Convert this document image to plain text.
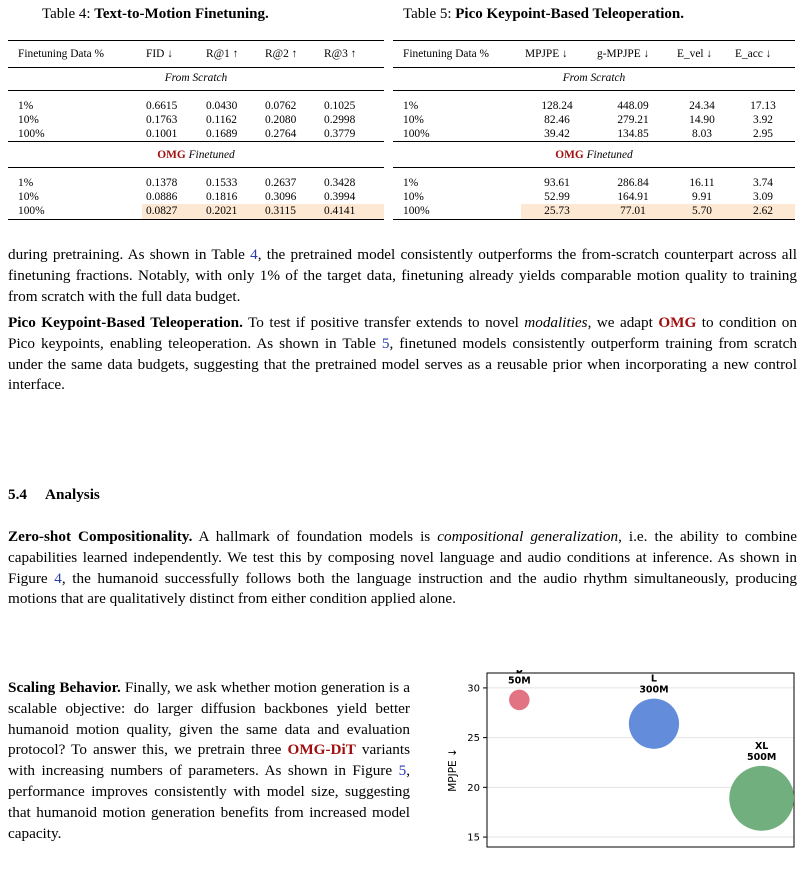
Table 4: Text-to-Motion Finetuning.
Finetuning Data %	FID ↓	R@1 ↑	R@2 ↑	R@3 ↑
From Scratch				
1%	0.6615	0.0430	0.0762	0.1025
10%	0.1763	0.1162	0.2080	0.2998
100%	0.1001	0.1689	0.2764	0.3779
OMG Finetuned				
1%	0.1378	0.1533	0.2637	0.3428
10%	0.0886	0.1816	0.3096	0.3994
100%	0.0827	0.2021	0.3115	0.4141
Table 5: Pico Keypoint-Based Teleoperation.
Finetuning Data %	MPJPE ↓	g-MPJPE ↓	E_vel ↓	E_acc ↓
From Scratch				
1%	128.24	448.09	24.34	17.13
10%	82.46	279.21	14.90	3.92
100%	39.42	134.85	8.03	2.95
OMG Finetuned				
1%	93.61	286.84	16.11	3.74
10%	52.99	164.91	9.91	3.09
100%	25.73	77.01	5.70	2.62
during pretraining. As shown in Table 4, the pretrained model consistently outperforms the from-scratch counterpart across all finetuning fractions. Notably, with only 1% of the target data, finetuning already yields comparable motion quality to training from scratch with the full data budget.
Pico Keypoint-Based Teleoperation. To test if positive transfer extends to novel modalities, we adapt OMG to condition on Pico keypoints, enabling teleoperation. As shown in Table 5, finetuned models consistently outperform training from scratch under the same data budgets, suggesting that the pretrained model serves as a reusable prior when incorporating a new control interface.
5.4 Analysis
Zero-shot Compositionality. A hallmark of foundation models is compositional generalization, i.e. the ability to combine capabilities learned independently. We test this by composing novel language and audio conditions at inference. As shown in Figure 4, the humanoid successfully follows both the language instruction and the audio rhythm simultaneously, producing motions that are qualitatively distinct from either condition applied alone.
Scaling Behavior. Finally, we ask whether motion generation is a scalable objective: do larger diffusion backbones yield better humanoid motion quality, given the same data and evaluation protocol? To answer this, we pretrain three OMG-DiT variants with increasing numbers of parameters. As shown in Figure 5, performance improves consistently with model size, suggesting that humanoid motion generation benefits from increased model capacity.	15
20
25
30
MPJPE ↓
B
50M	L
300M
XL
500M
